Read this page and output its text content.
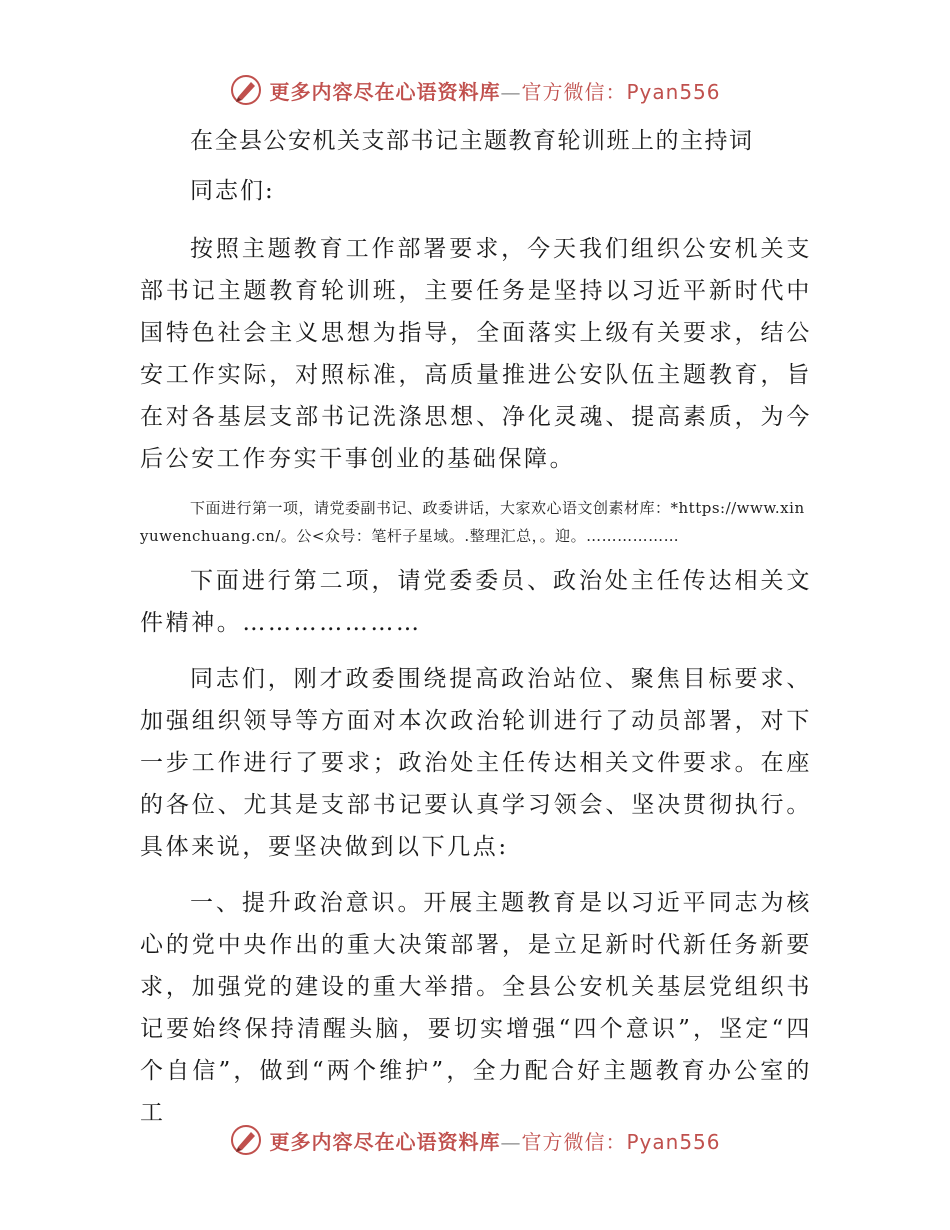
更多内容尽在心语资料库—官方微信：Pyan556

在全县公安机关支部书记主题教育轮训班上的主持词

同志们:

按照主题教育工作部署要求，今天我们组织公安机关支部书记主题教育轮训班，主要任务是坚持以习近平新时代中国特色社会主义思想为指导，全面落实上级有关要求，结公安工作实际，对照标准，高质量推进公安队伍主题教育，旨在对各基层支部书记洗涤思想、净化灵魂、提高素质，为今后公安工作夯实干事创业的基础保障。

下面进行第一项，请党委副书记、政委讲话，大家欢心语文创素材库：*https://www.xinyuwenchuang.cn/。公<众号：笔杆子星域。.整理汇总，。迎。………………

下面进行第二项，请党委委员、政治处主任传达相关文件精神。…………………

同志们，刚才政委围绕提高政治站位、聚焦目标要求、加强组织领导等方面对本次政治轮训进行了动员部署，对下一步工作进行了要求；政治处主任传达相关文件要求。在座的各位、尤其是支部书记要认真学习领会、坚决贯彻执行。具体来说，要坚决做到以下几点:

一、提升政治意识。开展主题教育是以习近平同志为核心的党中央作出的重大决策部署，是立足新时代新任务新要求，加强党的建设的重大举措。全县公安机关基层党组织书记要始终保持清醒头脑，要切实增强“四个意识”，坚定“四个自信”，做到“两个维护”，全力配合好主题教育办公室的工

更多内容尽在心语资料库—官方微信：Pyan556
